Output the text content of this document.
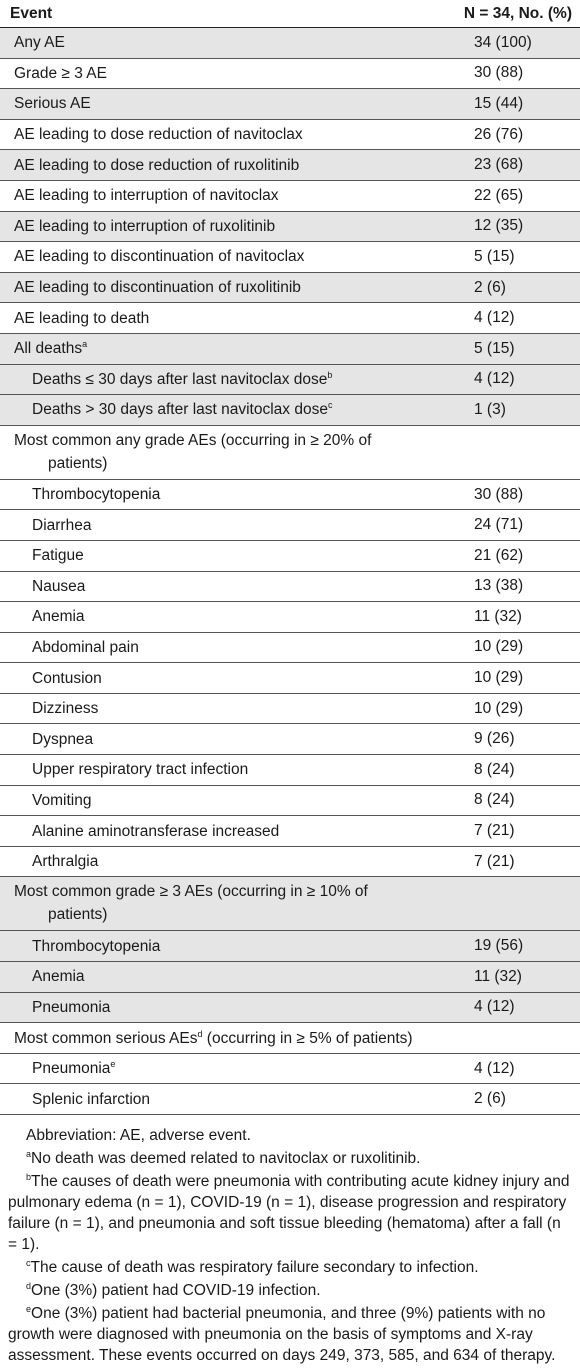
Event	N = 34, No. (%)
Any AE	34 (100)
Grade ≥ 3 AE	30 (88)
Serious AE	15 (44)
AE leading to dose reduction of navitoclax	26 (76)
AE leading to dose reduction of ruxolitinib	23 (68)
AE leading to interruption of navitoclax	22 (65)
AE leading to interruption of ruxolitinib	12 (35)
AE leading to discontinuation of navitoclax	5 (15)
AE leading to discontinuation of ruxolitinib	2 (6)
AE leading to death	4 (12)
All deaths$^a$	5 (15)
Deaths ≤ 30 days after last navitoclax dose$^b$	4 (12)
Deaths > 30 days after last navitoclax dose$^c$	1 (3)
Most common any grade AEs (occurring in ≥ 20% of
patients)
Thrombocytopenia	30 (88)
Diarrhea	24 (71)
Fatigue	21 (62)
Nausea	13 (38)
Anemia	11 (32)
Abdominal pain	10 (29)
Contusion	10 (29)
Dizziness	10 (29)
Dyspnea	9 (26)
Upper respiratory tract infection	8 (24)
Vomiting	8 (24)
Alanine aminotransferase increased	7 (21)
Arthralgia	7 (21)
Most common grade ≥ 3 AEs (occurring in ≥ 10% of
patients)
Thrombocytopenia	19 (56)
Anemia	11 (32)
Pneumonia	4 (12)
Most common serious AEs$^d$ (occurring in ≥ 5% of patients)
Pneumonia$^e$	4 (12)
Splenic infarction	2 (6)

Abbreviation: AE, adverse event.

$^a$No death was deemed related to navitoclax or ruxolitinib.

$^b$The causes of death were pneumonia with contributing acute kidney injury and pulmonary edema (n = 1), COVID-19 (n = 1), disease progression and respiratory failure (n = 1), and pneumonia and soft tissue bleeding (hematoma) after a fall (n = 1).

$^c$The cause of death was respiratory failure secondary to infection.

$^d$One (3%) patient had COVID-19 infection.

$^e$One (3%) patient had bacterial pneumonia, and three (9%) patients with no growth were diagnosed with pneumonia on the basis of symptoms and X-ray assessment. These events occurred on days 249, 373, 585, and 634 of therapy.
